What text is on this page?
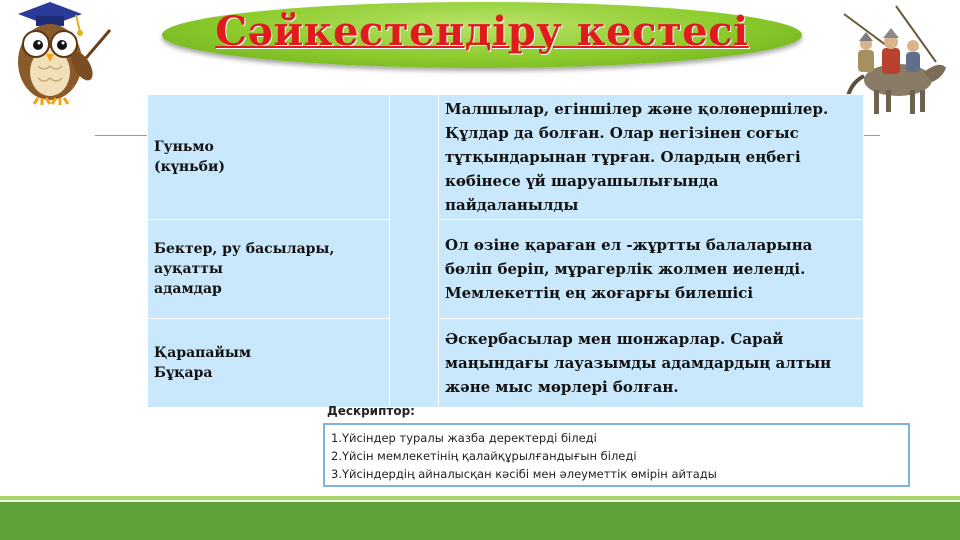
Сәйкестендіру кестесі
Гуньмо
(күньби)		Малшылар, егіншілер және қолөнершілер. Құлдар да болған. Олар негізінен соғыс тұтқындарынан тұрған. Олардың еңбегі көбінесе үй шаруашылығында пайдаланылды

Бектер, ру басылары,
ауқатты
адамдар		Ол өзіне қараған ел -жұртты балаларына бөліп беріп, мұрагерлік жолмен иеленді. Мемлекеттің ең жоғарғы билешісі

Қарапайым
Бұқара		Әскербасылар мен шонжарлар. Сарай маңындағы лауазымды адамдардың алтын және мыс мөрлері болған.
Дескриптор:
1.Үйсіндер туралы жазба деректерді біледі
2.Үйсін мемлекетінің қалайқұрылғандығын біледі
3.Үйсіндердің айналысқан кәсібі мен әлеуметтік өмірін айтады
